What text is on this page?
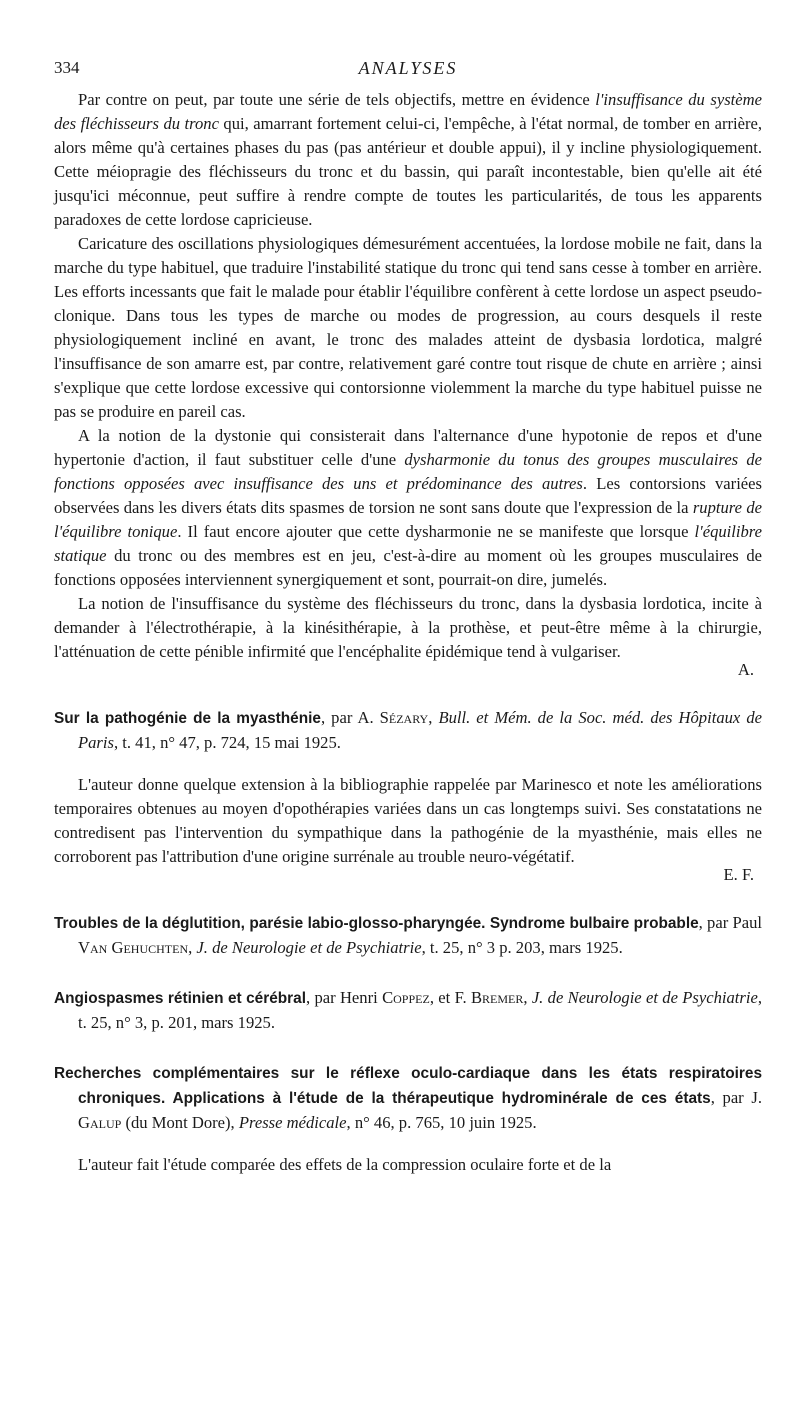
334	ANALYSES

Par contre on peut, par toute une série de tels objectifs, mettre en évidence l'insuffisance du système des fléchisseurs du tronc qui, amarrant fortement celui-ci, l'empêche, à l'état normal, de tomber en arrière, alors même qu'à certaines phases du pas (pas antérieur et double appui), il y incline physiologiquement. Cette méiopragie des fléchisseurs du tronc et du bassin, qui paraît incontestable, bien qu'elle ait été jusqu'ici méconnue, peut suffire à rendre compte de toutes les particularités, de tous les apparents paradoxes de cette lordose capricieuse.

Caricature des oscillations physiologiques démesurément accentuées, la lordose mobile ne fait, dans la marche du type habituel, que traduire l'instabilité statique du tronc qui tend sans cesse à tomber en arrière. Les efforts incessants que fait le malade pour établir l'équilibre confèrent à cette lordose un aspect pseudo-clonique. Dans tous les types de marche ou modes de progression, au cours desquels il reste physiologiquement incliné en avant, le tronc des malades atteint de dysbasia lordotica, malgré l'insuffisance de son amarre est, par contre, relativement garé contre tout risque de chute en arrière ; ainsi s'explique que cette lordose excessive qui contorsionne violemment la marche du type habituel puisse ne pas se produire en pareil cas.

A la notion de la dystonie qui consisterait dans l'alternance d'une hypotonie de repos et d'une hypertonie d'action, il faut substituer celle d'une dysharmonie du tonus des groupes musculaires de fonctions opposées avec insuffisance des uns et prédominance des autres. Les contorsions variées observées dans les divers états dits spasmes de torsion ne sont sans doute que l'expression de la rupture de l'équilibre tonique. Il faut encore ajouter que cette dysharmonie ne se manifeste que lorsque l'équilibre statique du tronc ou des membres est en jeu, c'est-à-dire au moment où les groupes musculaires de fonctions opposées interviennent synergiquement et sont, pourrait-on dire, jumelés.

La notion de l'insuffisance du système des fléchisseurs du tronc, dans la dysbasia lordotica, incite à demander à l'électrothérapie, à la kinésithérapie, à la prothèse, et peut-être même à la chirurgie, l'atténuation de cette pénible infirmité que l'encéphalite épidémique tend à vulgariser.

A.
Sur la pathogénie de la myasthénie, par A. Sézary, Bull. et Mém. de la Soc. méd. des Hôpitaux de Paris, t. 41, n° 47, p. 724, 15 mai 1925.

L'auteur donne quelque extension à la bibliographie rappelée par Marinesco et note les améliorations temporaires obtenues au moyen d'opothérapies variées dans un cas longtemps suivi. Ses constatations ne contredisent pas l'intervention du sympathique dans la pathogénie de la myasthénie, mais elles ne corroborent pas l'attribution d'une origine surrénale au trouble neuro-végétatif.

E. F.
Troubles de la déglutition, parésie labio-glosso-pharyngée. Syndrome bulbaire probable, par Paul Van Gehuchten, J. de Neurologie et de Psychiatrie, t. 25, n° 3 p. 203, mars 1925.
Angiospasmes rétinien et cérébral, par Henri Coppez, et F. Bremer, J. de Neurologie et de Psychiatrie, t. 25, n° 3, p. 201, mars 1925.
Recherches complémentaires sur le réflexe oculo-cardiaque dans les états respiratoires chroniques. Applications à l'étude de la thérapeutique hydrominérale de ces états, par J. Galup (du Mont Dore), Presse médicale, n° 46, p. 765, 10 juin 1925.

L'auteur fait l'étude comparée des effets de la compression oculaire forte et de la
